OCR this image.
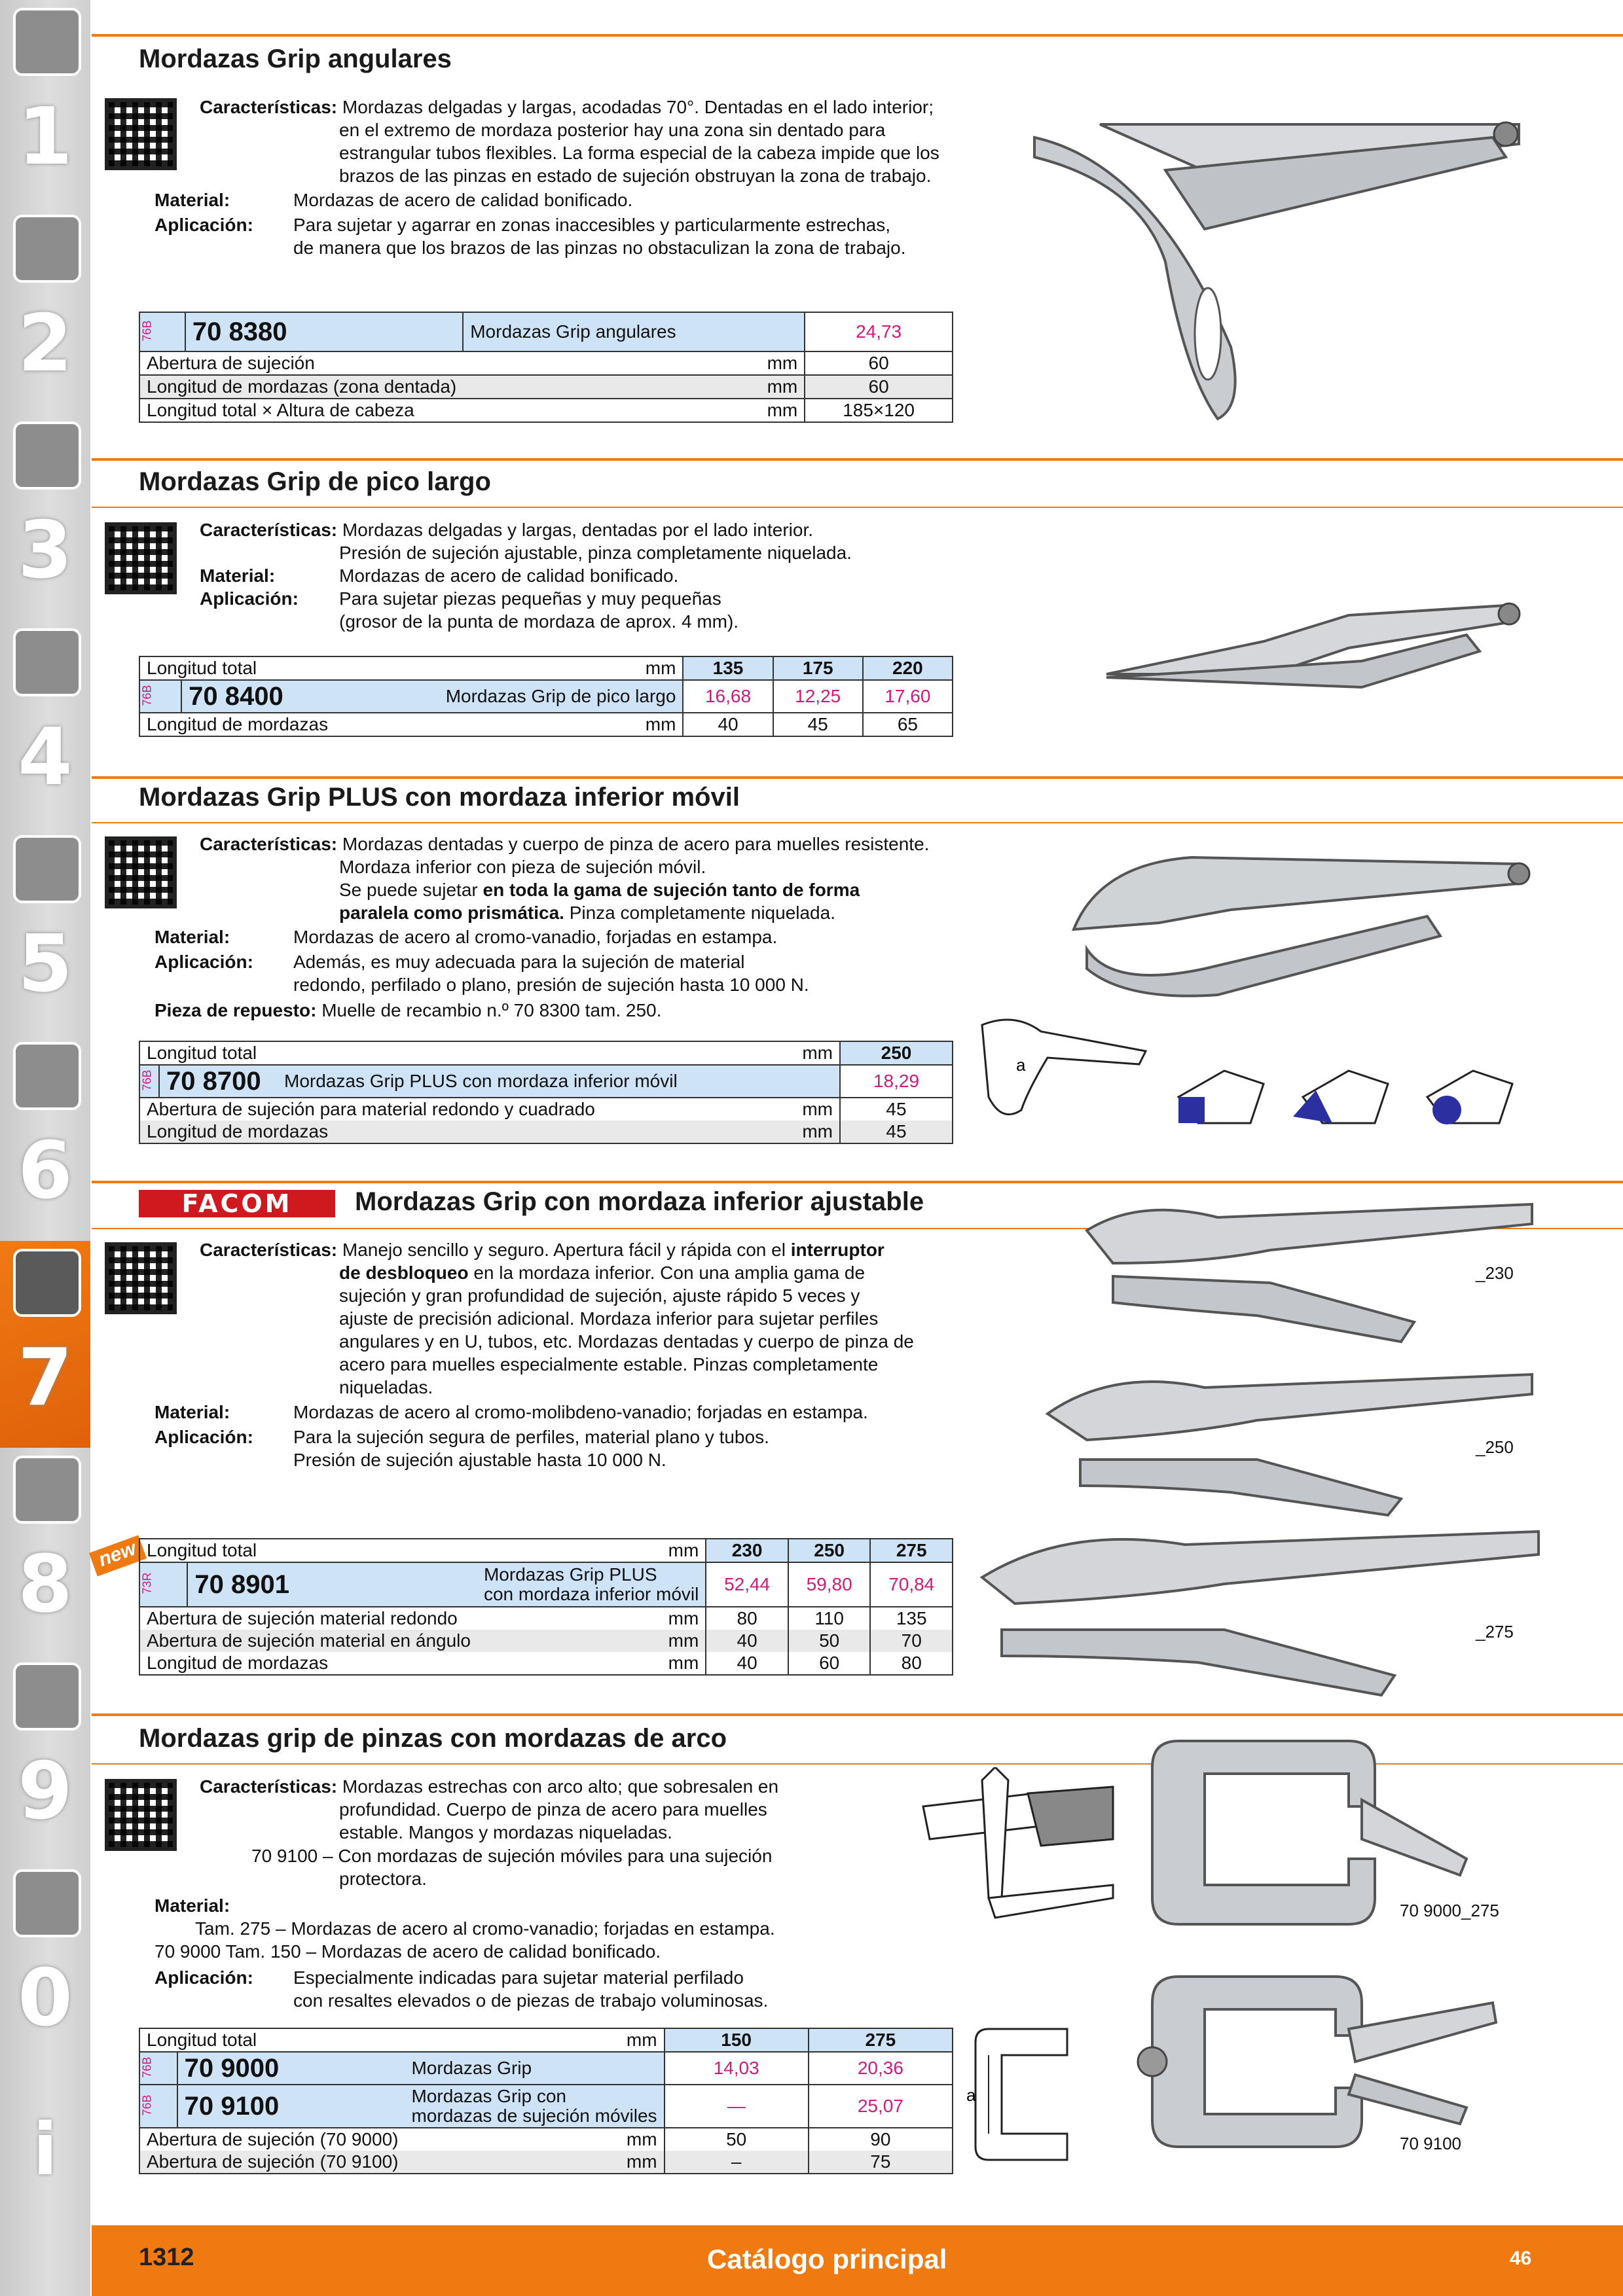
1
2
3
4
5
6
7
8
9
0
i
Mordazas Grip angulares
Características: Mordazas delgadas y largas, acodadas 70°. Dentadas en el lado interior;
en el extremo de mordaza posterior hay una zona sin dentado para
estrangular tubos flexibles. La forma especial de la cabeza impide que los
brazos de las pinzas en estado de sujeción obstruyan la zona de trabajo.
Material:	Mordazas de acero de calidad bonificado.
Aplicación: Para sujetar y agarrar en zonas inaccesibles y particularmente estrechas,
de manera que los brazos de las pinzas no obstaculizan la zona de trabajo.
76B	70 8380	Mordazas Grip angulares	24,73
Abertura de sujeción		mm	60
Longitud de mordazas (zona dentada)		mm	60
Longitud total × Altura de cabeza		mm	185×120
Mordazas Grip de pico largo
Características: Mordazas delgadas y largas, dentadas por el lado interior.
Presión de sujeción ajustable, pinza completamente niquelada.
Material:	Mordazas de acero de calidad bonificado.
Aplicación: Para sujetar piezas pequeñas y muy pequeñas
(grosor de la punta de mordaza de aprox. 4 mm).
Longitud total		mm	135	175	220
76B	70 8400	Mordazas Grip de pico largo	16,68	12,25	17,60
Longitud de mordazas		mm	40	45	65
Mordazas Grip PLUS con mordaza inferior móvil
Características: Mordazas dentadas y cuerpo de pinza de acero para muelles resistente.
Mordaza inferior con pieza de sujeción móvil.
Se puede sujetar en toda la gama de sujeción tanto de forma
paralela como prismática. Pinza completamente niquelada.
Material:	Mordazas de acero al cromo-vanadio, forjadas en estampa.
Aplicación: Además, es muy adecuada para la sujeción de material
redondo, perfilado o plano, presión de sujeción hasta 10 000 N.
Pieza de repuesto: Muelle de recambio n.º 70 8300 tam. 250.
Longitud total			mm	250
76B	70 8700	Mordazas Grip PLUS con mordaza inferior móvil		18,29
Abertura de sujeción para material redondo y cuadrado			mm	45
Longitud de mordazas			mm	45
a
FACOM	Mordazas Grip con mordaza inferior ajustable
Características: Manejo sencillo y seguro. Apertura fácil y rápida con el interruptor
de desbloqueo en la mordaza inferior. Con una amplia gama de
sujeción y gran profundidad de sujeción, ajuste rápido 5 veces y
ajuste de precisión adicional. Mordaza inferior para sujetar perfiles
angulares y en U, tubos, etc. Mordazas dentadas y cuerpo de pinza de
acero para muelles especialmente estable. Pinzas completamente
niqueladas.
Material:	Mordazas de acero al cromo-molibdeno-vanadio; forjadas en estampa.
Aplicación: Para la sujeción segura de perfiles, material plano y tubos.
Presión de sujeción ajustable hasta 10 000 N.
new Longitud total		mm	230	250	275
73R	70 8901	Mordazas Grip PLUS
con mordaza inferior móvil	52,44	59,80	70,84
Abertura de sujeción material redondo		mm	80	110	135
Abertura de sujeción material en ángulo		mm	40	50	70
Longitud de mordazas		mm	40	60	80
_230
_250
_275
Mordazas grip de pinzas con mordazas de arco
Características: Mordazas estrechas con arco alto; que sobresalen en
profundidad. Cuerpo de pinza de acero para muelles
estable. Mangos y mordazas niqueladas.
70 9100 – Con mordazas de sujeción móviles para una sujeción
protectora.
Material:
Tam. 275 – Mordazas de acero al cromo-vanadio; forjadas en estampa.
70 9000 Tam. 150 – Mordazas de acero de calidad bonificado.
Aplicación: Especialmente indicadas para sujetar material perfilado
con resaltes elevados o de piezas de trabajo voluminosas.
Longitud total		mm	150	275
76B	70 9000	Mordazas Grip	14,03	20,36
76B	70 9100	Mordazas Grip con
mordazas de sujeción móviles	—	25,07
Abertura de sujeción (70 9000)		mm	50	90
Abertura de sujeción (70 9100)		mm	–	75
70 9000_275
a
70 9100
1312	Catálogo principal	46
